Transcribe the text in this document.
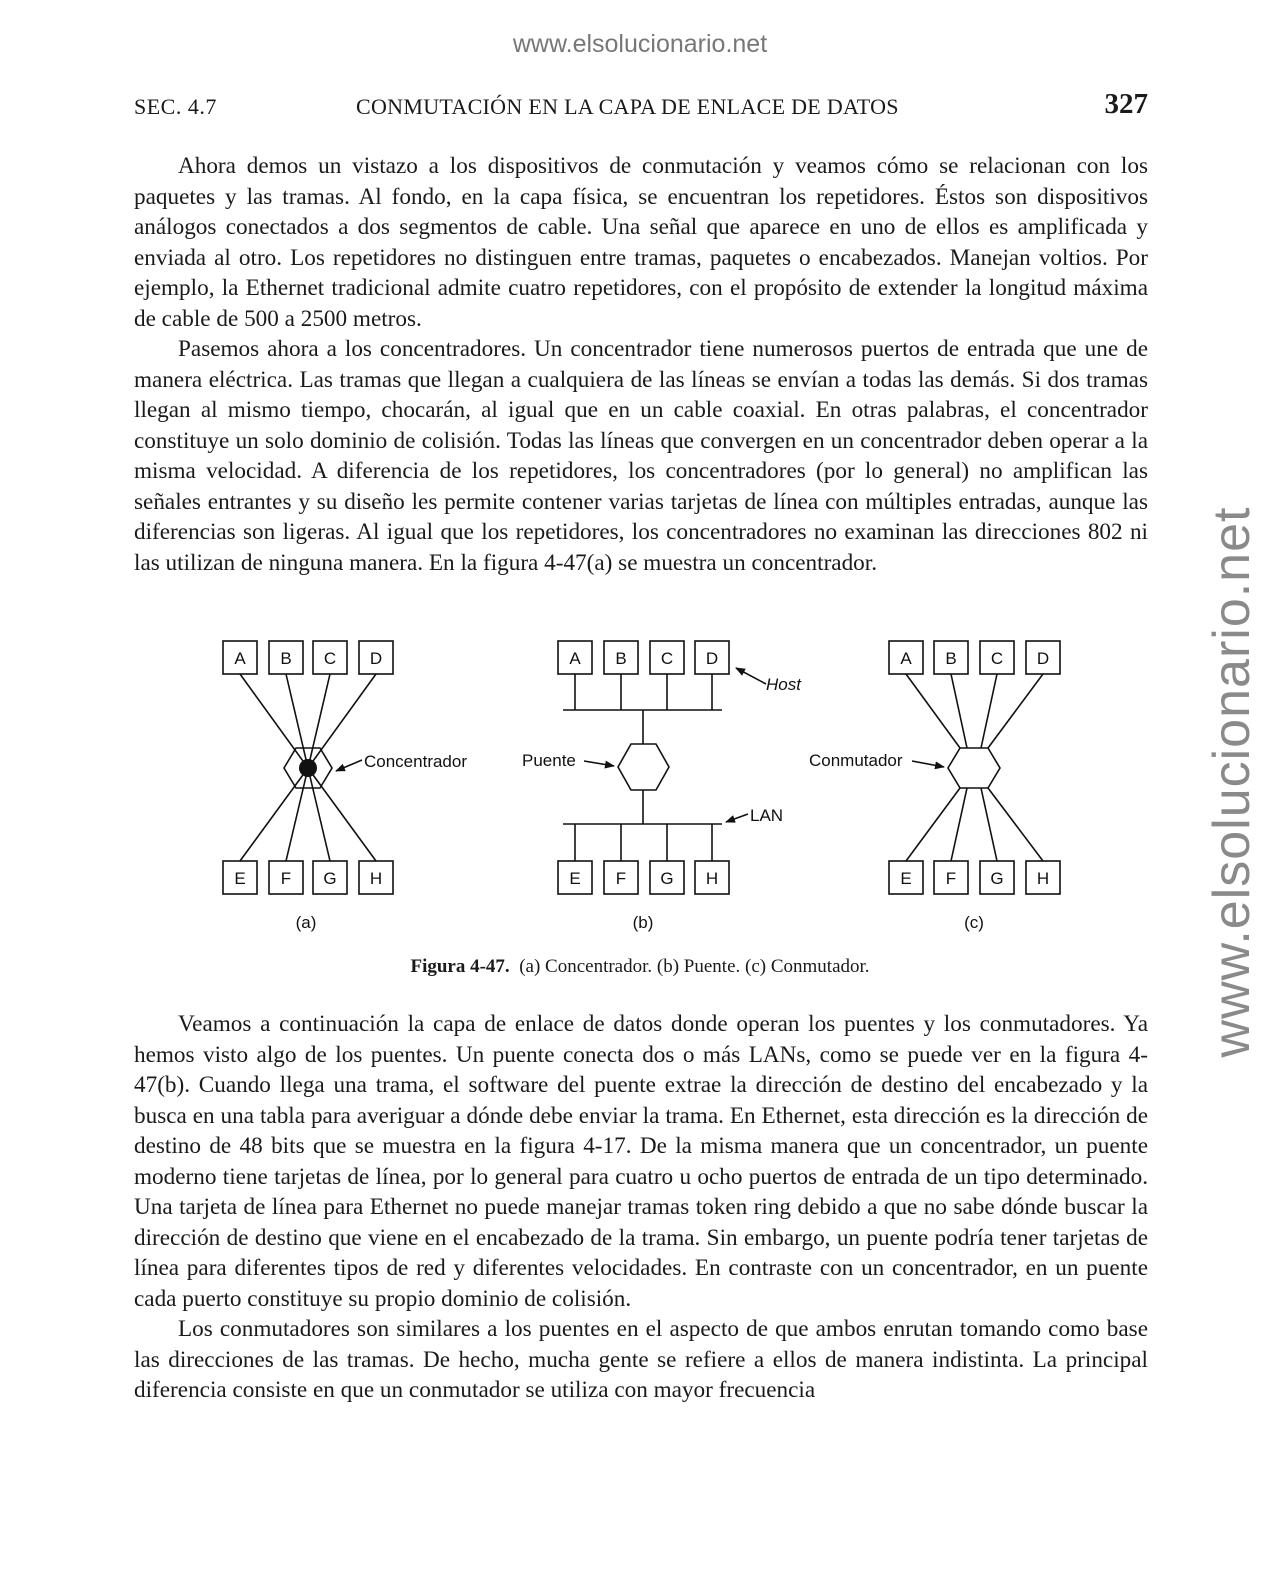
www.elsolucionario.net
www.elsolucionario.net
SEC. 4.7	CONMUTACIÓN EN LA CAPA DE ENLACE DE DATOS	327

Ahora demos un vistazo a los dispositivos de conmutación y veamos cómo se relacionan con los paquetes y las tramas. Al fondo, en la capa física, se encuentran los repetidores. Éstos son dispositivos análogos conectados a dos segmentos de cable. Una señal que aparece en uno de ellos es amplificada y enviada al otro. Los repetidores no distinguen entre tramas, paquetes o encabezados. Manejan voltios. Por ejemplo, la Ethernet tradicional admite cuatro repetidores, con el propósito de extender la longitud máxima de cable de 500 a 2500 metros.

Pasemos ahora a los concentradores. Un concentrador tiene numerosos puertos de entrada que une de manera eléctrica. Las tramas que llegan a cualquiera de las líneas se envían a todas las demás. Si dos tramas llegan al mismo tiempo, chocarán, al igual que en un cable coaxial. En otras palabras, el concentrador constituye un solo dominio de colisión. Todas las líneas que convergen en un concentrador deben operar a la misma velocidad. A diferencia de los repetidores, los concentradores (por lo general) no amplifican las señales entrantes y su diseño les permite contener varias tarjetas de línea con múltiples entradas, aunque las diferencias son ligeras. Al igual que los repetidores, los concentradores no examinan las direcciones 802 ni las utilizan de ninguna manera. En la figura 4-47(a) se muestra un concentrador.

A B C D
E F G H
A B C D
E F G H
A B C D
E F G H
(a)	(b)	(c)
Concentrador
Host
Puente
LAN
Conmutador
Figura 4-47. (a) Concentrador. (b) Puente. (c) Conmutador.

Veamos a continuación la capa de enlace de datos donde operan los puentes y los conmutadores. Ya hemos visto algo de los puentes. Un puente conecta dos o más LANs, como se puede ver en la figura 4-47(b). Cuando llega una trama, el software del puente extrae la dirección de destino del encabezado y la busca en una tabla para averiguar a dónde debe enviar la trama. En Ethernet, esta dirección es la dirección de destino de 48 bits que se muestra en la figura 4-17. De la misma manera que un concentrador, un puente moderno tiene tarjetas de línea, por lo general para cuatro u ocho puertos de entrada de un tipo determinado. Una tarjeta de línea para Ethernet no puede manejar tramas token ring debido a que no sabe dónde buscar la dirección de destino que viene en el encabezado de la trama. Sin embargo, un puente podría tener tarjetas de línea para diferentes tipos de red y diferentes velocidades. En contraste con un concentrador, en un puente cada puerto constituye su propio dominio de colisión.

Los conmutadores son similares a los puentes en el aspecto de que ambos enrutan tomando como base las direcciones de las tramas. De hecho, mucha gente se refiere a ellos de manera indistinta. La principal diferencia consiste en que un conmutador se utiliza con mayor frecuencia
